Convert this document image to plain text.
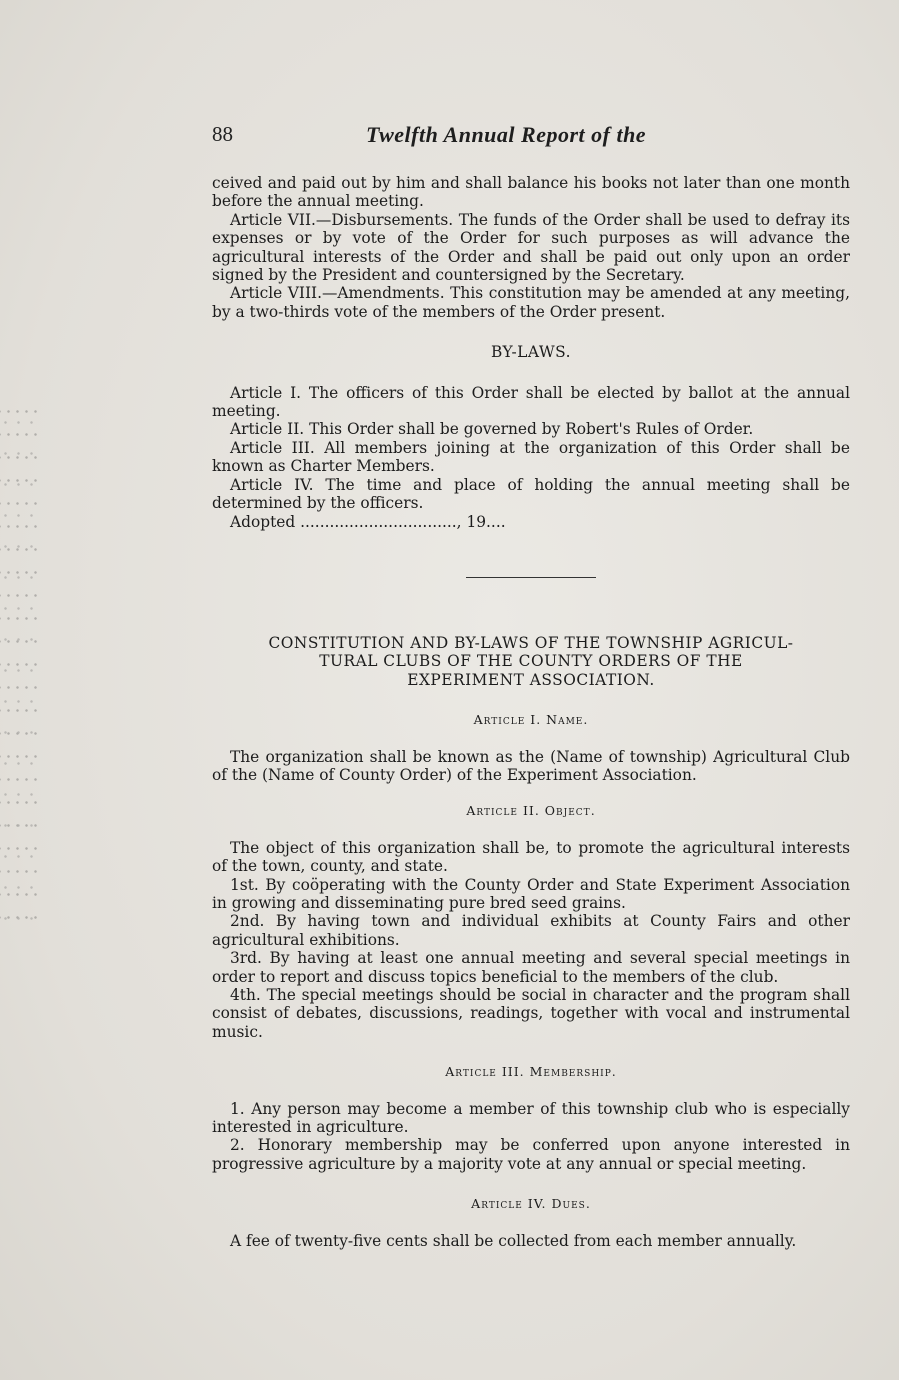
88	Twelfth Annual Report of the

ceived and paid out by him and shall balance his books not later than one month before the annual meeting.

Article VII.—Disbursements. The funds of the Order shall be used to defray its expenses or by vote of the Order for such purposes as will advance the agricultural interests of the Order and shall be paid out only upon an order signed by the President and countersigned by the Secretary.

Article VIII.—Amendments. This constitution may be amended at any meeting, by a two-thirds vote of the members of the Order present.

BY-LAWS.

Article I. The officers of this Order shall be elected by ballot at the annual meeting.

Article II. This Order shall be governed by Robert's Rules of Order.

Article III. All members joining at the organization of this Order shall be known as Charter Members.

Article IV. The time and place of holding the annual meeting shall be determined by the officers.

Adopted ................................, 19....

CONSTITUTION AND BY-LAWS OF THE TOWNSHIP AGRICUL-

TURAL CLUBS OF THE COUNTY ORDERS OF THE

EXPERIMENT ASSOCIATION.

Article I. Name.

The organization shall be known as the (Name of township) Agricultural Club of the (Name of County Order) of the Experiment Association.

Article II. Object.

The object of this organization shall be, to promote the agricultural interests of the town, county, and state.

1st. By coöperating with the County Order and State Experiment Association in growing and disseminating pure bred seed grains.

2nd. By having town and individual exhibits at County Fairs and other agricultural exhibitions.

3rd. By having at least one annual meeting and several special meetings in order to report and discuss topics beneficial to the members of the club.

4th. The special meetings should be social in character and the program shall consist of debates, discussions, readings, together with vocal and instrumental music.

Article III. Membership.

1. Any person may become a member of this township club who is especially interested in agriculture.

2. Honorary membership may be conferred upon anyone interested in progressive agriculture by a majority vote at any annual or special meeting.

Article IV. Dues.

A fee of twenty-five cents shall be collected from each member annually.
